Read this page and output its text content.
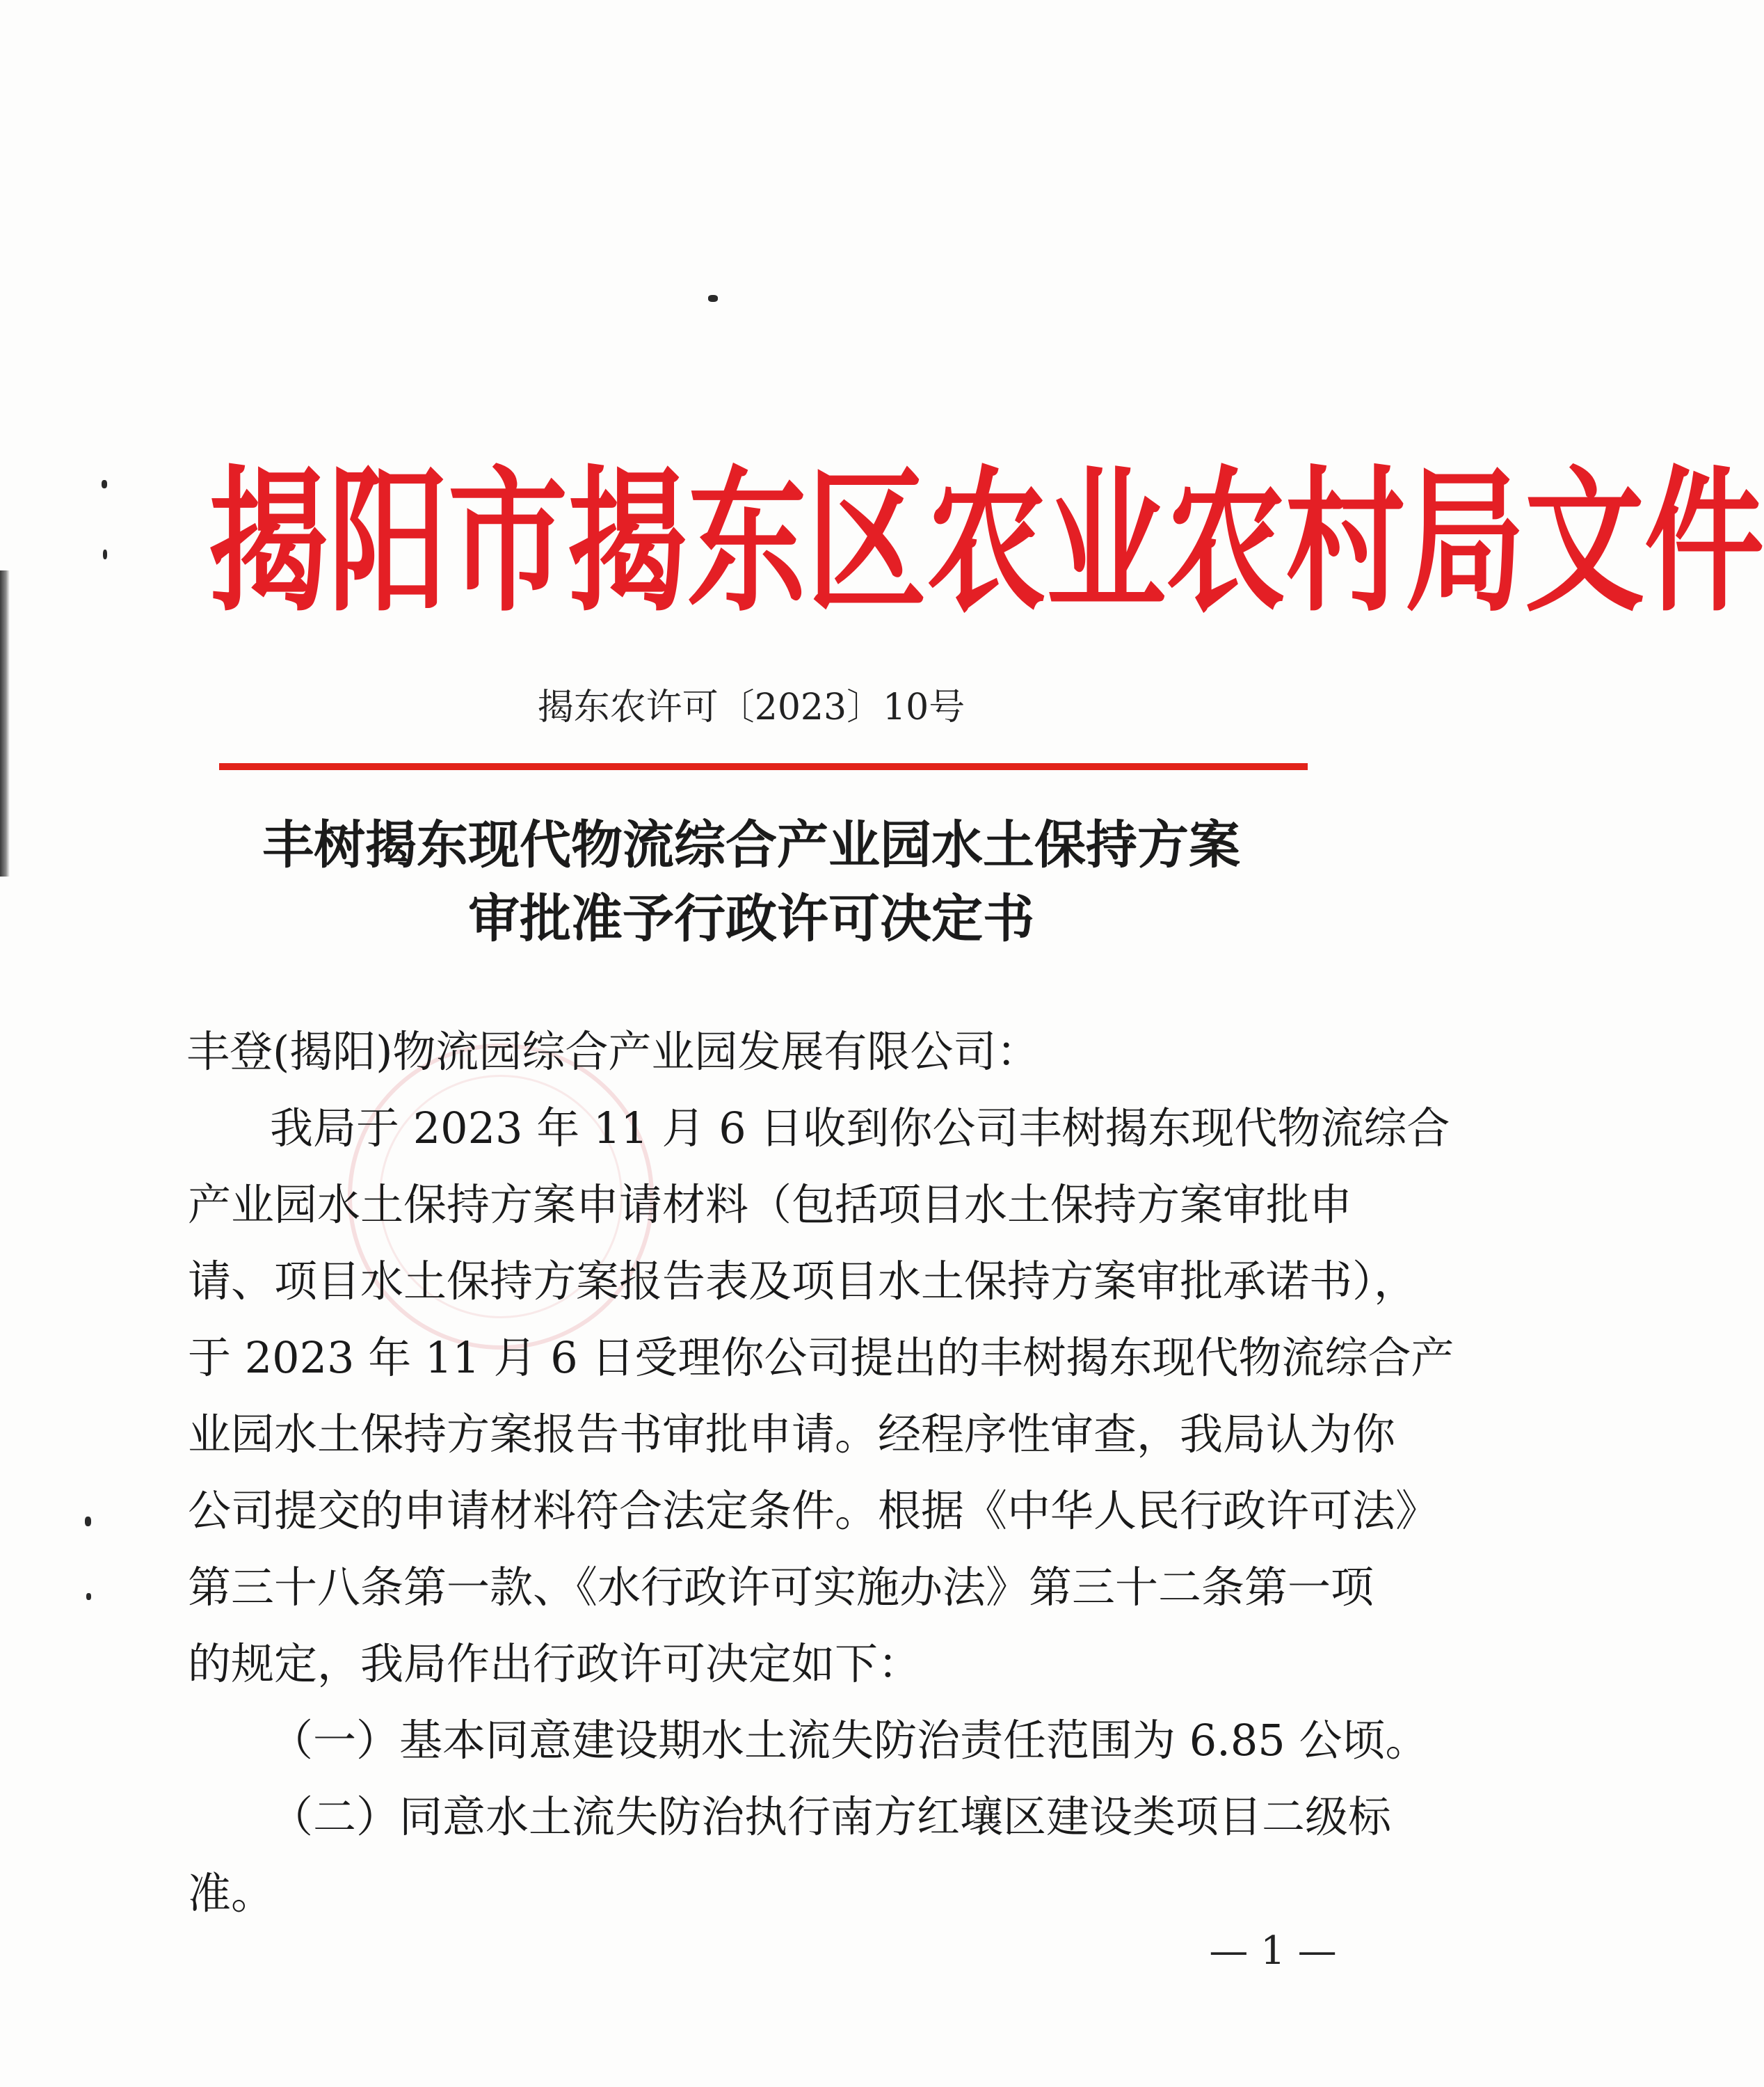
揭阳市揭东区农业农村局文件
揭东农许可〔2023〕10号
丰树揭东现代物流综合产业园水土保持方案
审批准予行政许可决定书
丰登(揭阳)物流园综合产业园发展有限公司：
我局于 2023 年 11 月 6 日收到你公司丰树揭东现代物流综合
产业园水土保持方案申请材料（包括项目水土保持方案审批申
请、项目水土保持方案报告表及项目水土保持方案审批承诺书），
于 2023 年 11 月 6 日受理你公司提出的丰树揭东现代物流综合产
业园水土保持方案报告书审批申请。经程序性审查，我局认为你
公司提交的申请材料符合法定条件。根据《中华人民行政许可法》
第三十八条第一款、《水行政许可实施办法》第三十二条第一项
的规定，我局作出行政许可决定如下：
（一）基本同意建设期水土流失防治责任范围为 6.85 公顷。
（二）同意水土流失防治执行南方红壤区建设类项目二级标
准。
— 1 —
